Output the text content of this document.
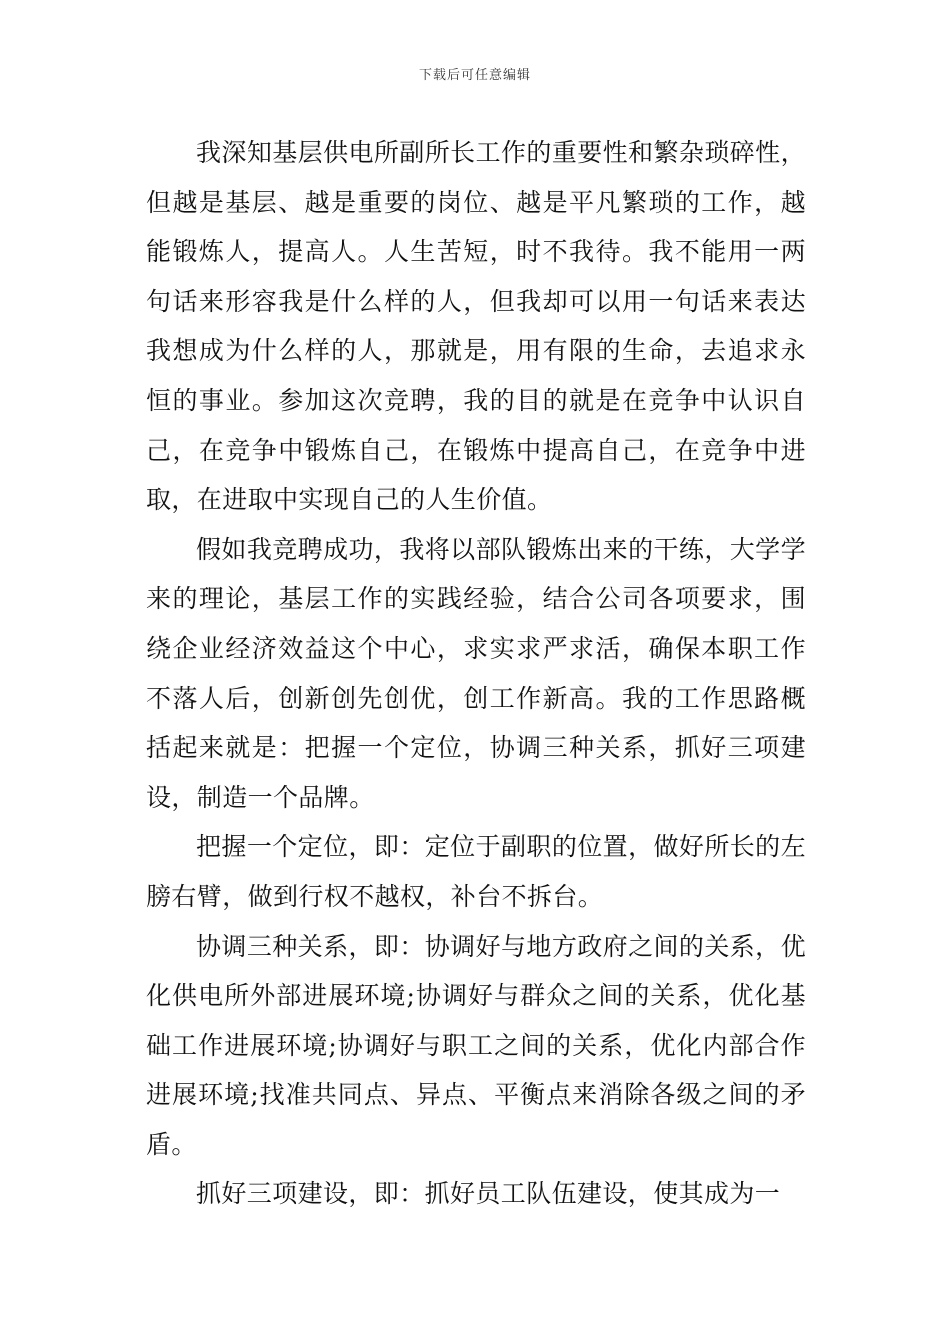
下载后可任意编辑

我深知基层供电所副所长工作的重要性和繁杂琐碎性，但越是基层、越是重要的岗位、越是平凡繁琐的工作，越能锻炼人，提高人。人生苦短，时不我待。我不能用一两句话来形容我是什么样的人，但我却可以用一句话来表达我想成为什么样的人，那就是，用有限的生命，去追求永恒的事业。参加这次竞聘，我的目的就是在竞争中认识自己，在竞争中锻炼自己，在锻炼中提高自己，在竞争中进取，在进取中实现自己的人生价值。

假如我竞聘成功，我将以部队锻炼出来的干练，大学学来的理论，基层工作的实践经验，结合公司各项要求，围绕企业经济效益这个中心，求实求严求活，确保本职工作不落人后，创新创先创优，创工作新高。我的工作思路概括起来就是：把握一个定位，协调三种关系，抓好三项建设，制造一个品牌。

把握一个定位，即：定位于副职的位置，做好所长的左膀右臂，做到行权不越权，补台不拆台。

协调三种关系，即：协调好与地方政府之间的关系，优化供电所外部进展环境;协调好与群众之间的关系，优化基础工作进展环境;协调好与职工之间的关系，优化内部合作进展环境;找准共同点、异点、平衡点来消除各级之间的矛盾。

抓好三项建设，即：抓好员工队伍建设，使其成为一
